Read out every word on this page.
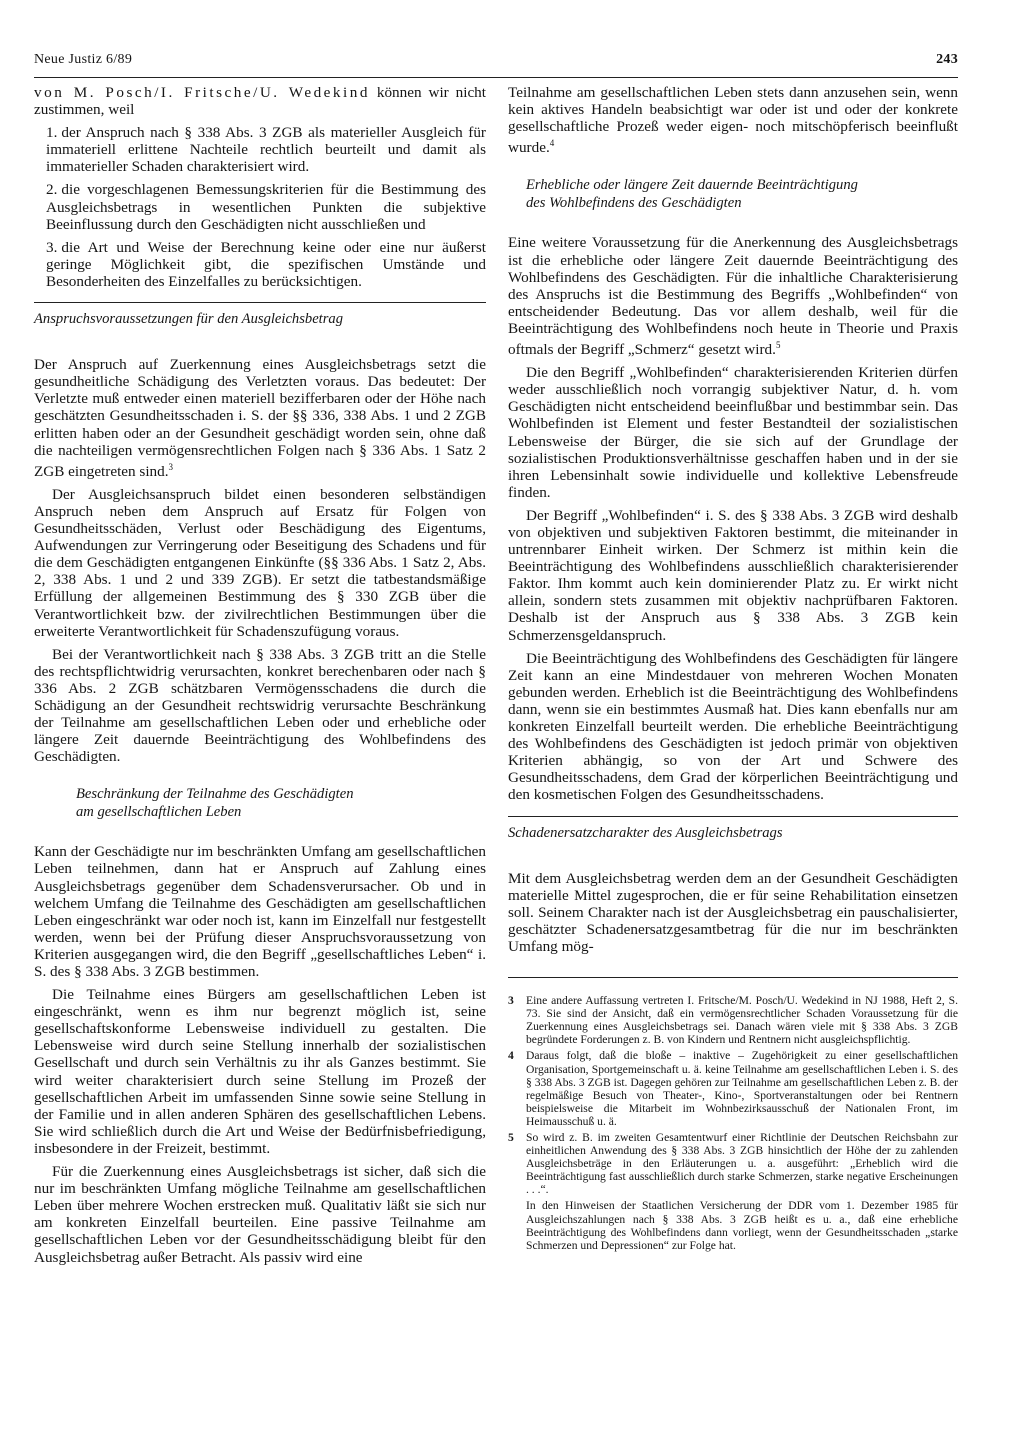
Neue Justiz 6/89	243

von M. Posch/I. Fritsche/U. Wedekind können wir nicht zustimmen, weil

1. der Anspruch nach § 338 Abs. 3 ZGB als materieller Ausgleich für immateriell erlittene Nachteile rechtlich beurteilt und damit als immaterieller Schaden charakterisiert wird.

2. die vorgeschlagenen Bemessungskriterien für die Bestimmung des Ausgleichsbetrags in wesentlichen Punkten die subjektive Beeinflussung durch den Geschädigten nicht ausschließen und

3. die Art und Weise der Berechnung keine oder eine nur äußerst geringe Möglichkeit gibt, die spezifischen Umstände und Besonderheiten des Einzelfalles zu berücksichtigen.

Anspruchsvoraussetzungen für den Ausgleichsbetrag

Der Anspruch auf Zuerkennung eines Ausgleichsbetrags setzt die gesundheitliche Schädigung des Verletzten voraus. Das bedeutet: Der Verletzte muß entweder einen materiell bezifferbaren oder der Höhe nach geschätzten Gesundheitsschaden i. S. der §§ 336, 338 Abs. 1 und 2 ZGB erlitten haben oder an der Gesundheit geschädigt worden sein, ohne daß die nachteiligen vermögensrechtlichen Folgen nach § 336 Abs. 1 Satz 2 ZGB eingetreten sind.$^3$

Der Ausgleichsanspruch bildet einen besonderen selbständigen Anspruch neben dem Anspruch auf Ersatz für Folgen von Gesundheitsschäden, Verlust oder Beschädigung des Eigentums, Aufwendungen zur Verringerung oder Beseitigung des Schadens und für die dem Geschädigten entgangenen Einkünfte (§§ 336 Abs. 1 Satz 2, Abs. 2, 338 Abs. 1 und 2 und 339 ZGB). Er setzt die tatbestandsmäßige Erfüllung der allgemeinen Bestimmung des § 330 ZGB über die Verantwortlichkeit bzw. der zivilrechtlichen Bestimmungen über die erweiterte Verantwortlichkeit für Schadenszufügung voraus.

Bei der Verantwortlichkeit nach § 338 Abs. 3 ZGB tritt an die Stelle des rechtspflichtwidrig verursachten, konkret berechenbaren oder nach § 336 Abs. 2 ZGB schätzbaren Vermögensschadens die durch die Schädigung an der Gesundheit rechtswidrig verursachte Beschränkung der Teilnahme am gesellschaftlichen Leben oder und erhebliche oder längere Zeit dauernde Beeinträchtigung des Wohlbefindens des Geschädigten.

Beschränkung der Teilnahme des Geschädigten
am gesellschaftlichen Leben

Kann der Geschädigte nur im beschränkten Umfang am gesellschaftlichen Leben teilnehmen, dann hat er Anspruch auf Zahlung eines Ausgleichsbetrags gegenüber dem Schadensverursacher. Ob und in welchem Umfang die Teilnahme des Geschädigten am gesellschaftlichen Leben eingeschränkt war oder noch ist, kann im Einzelfall nur festgestellt werden, wenn bei der Prüfung dieser Anspruchsvoraussetzung von Kriterien ausgegangen wird, die den Begriff „gesellschaftliches Leben“ i. S. des § 338 Abs. 3 ZGB bestimmen.

Die Teilnahme eines Bürgers am gesellschaftlichen Leben ist eingeschränkt, wenn es ihm nur begrenzt möglich ist, seine gesellschaftskonforme Lebensweise individuell zu gestalten. Die Lebensweise wird durch seine Stellung innerhalb der sozialistischen Gesellschaft und durch sein Verhältnis zu ihr als Ganzes bestimmt. Sie wird weiter charakterisiert durch seine Stellung im Prozeß der gesellschaftlichen Arbeit im umfassenden Sinne sowie seine Stellung in der Familie und in allen anderen Sphären des gesellschaftlichen Lebens. Sie wird schließlich durch die Art und Weise der Bedürfnisbefriedigung, insbesondere in der Freizeit, bestimmt.

Für die Zuerkennung eines Ausgleichsbetrags ist sicher, daß sich die nur im beschränkten Umfang mögliche Teilnahme am gesellschaftlichen Leben über mehrere Wochen erstrecken muß. Qualitativ läßt sie sich nur am konkreten Einzelfall beurteilen. Eine passive Teilnahme am gesellschaftlichen Leben vor der Gesundheitsschädigung bleibt für den Ausgleichsbetrag außer Betracht. Als passiv wird eine

Teilnahme am gesellschaftlichen Leben stets dann anzusehen sein, wenn kein aktives Handeln beabsichtigt war oder ist und oder der konkrete gesellschaftliche Prozeß weder eigen- noch mitschöpferisch beeinflußt wurde.$^4$

Erhebliche oder längere Zeit dauernde Beeinträchtigung
des Wohlbefindens des Geschädigten

Eine weitere Voraussetzung für die Anerkennung des Ausgleichsbetrags ist die erhebliche oder längere Zeit dauernde Beeinträchtigung des Wohlbefindens des Geschädigten. Für die inhaltliche Charakterisierung des Anspruchs ist die Bestimmung des Begriffs „Wohlbefinden“ von entscheidender Bedeutung. Das vor allem deshalb, weil für die Beeinträchtigung des Wohlbefindens noch heute in Theorie und Praxis oftmals der Begriff „Schmerz“ gesetzt wird.$^5$

Die den Begriff „Wohlbefinden“ charakterisierenden Kriterien dürfen weder ausschließlich noch vorrangig subjektiver Natur, d. h. vom Geschädigten nicht entscheidend beeinflußbar und bestimmbar sein. Das Wohlbefinden ist Element und fester Bestandteil der sozialistischen Lebensweise der Bürger, die sie sich auf der Grundlage der sozialistischen Produktionsverhältnisse geschaffen haben und in der sie ihren Lebensinhalt sowie individuelle und kollektive Lebensfreude finden.

Der Begriff „Wohlbefinden“ i. S. des § 338 Abs. 3 ZGB wird deshalb von objektiven und subjektiven Faktoren bestimmt, die miteinander in untrennbarer Einheit wirken. Der Schmerz ist mithin kein die Beeinträchtigung des Wohlbefindens ausschließlich charakterisierender Faktor. Ihm kommt auch kein dominierender Platz zu. Er wirkt nicht allein, sondern stets zusammen mit objektiv nachprüfbaren Faktoren. Deshalb ist der Anspruch aus § 338 Abs. 3 ZGB kein Schmerzensgeldanspruch.

Die Beeinträchtigung des Wohlbefindens des Geschädigten für längere Zeit kann an eine Mindestdauer von mehreren Wochen Monaten gebunden werden. Erheblich ist die Beeinträchtigung des Wohlbefindens dann, wenn sie ein bestimmtes Ausmaß hat. Dies kann ebenfalls nur am konkreten Einzelfall beurteilt werden. Die erhebliche Beeinträchtigung des Wohlbefindens des Geschädigten ist jedoch primär von objektiven Kriterien abhängig, so von der Art und Schwere des Gesundheitsschadens, dem Grad der körperlichen Beeinträchtigung und den kosmetischen Folgen des Gesundheitsschadens.

Schadenersatzcharakter des Ausgleichsbetrags

Mit dem Ausgleichsbetrag werden dem an der Gesundheit Geschädigten materielle Mittel zugesprochen, die er für seine Rehabilitation einsetzen soll. Seinem Charakter nach ist der Ausgleichsbetrag ein pauschalisierter, geschätzter Schadenersatzgesamtbetrag für die nur im beschränkten Umfang mög-

3	Eine andere Auffassung vertreten I. Fritsche/M. Posch/U. Wedekind in NJ 1988, Heft 2, S. 73. Sie sind der Ansicht, daß ein vermögensrechtlicher Schaden Voraussetzung für die Zuerkennung eines Ausgleichsbetrags sei. Danach wären viele mit § 338 Abs. 3 ZGB begründete Forderungen z. B. von Kindern und Rentnern nicht ausgleichspflichtig.
4	Daraus folgt, daß die bloße – inaktive – Zugehörigkeit zu einer gesellschaftlichen Organisation, Sportgemeinschaft u. ä. keine Teilnahme am gesellschaftlichen Leben i. S. des § 338 Abs. 3 ZGB ist. Dagegen gehören zur Teilnahme am gesellschaftlichen Leben z. B. der regelmäßige Besuch von Theater-, Kino-, Sportveranstaltungen oder bei Rentnern beispielsweise die Mitarbeit im Wohnbezirksausschuß der Nationalen Front, im Heimausschuß u. ä.
5	So wird z. B. im zweiten Gesamtentwurf einer Richtlinie der Deutschen Reichsbahn zur einheitlichen Anwendung des § 338 Abs. 3 ZGB hinsichtlich der Höhe der zu zahlenden Ausgleichsbeträge in den Erläuterungen u. a. ausgeführt: „Erheblich wird die Beeinträchtigung fast ausschließlich durch starke Schmerzen, starke negative Erscheinungen . . .“.
In den Hinweisen der Staatlichen Versicherung der DDR vom 1. Dezember 1985 für Ausgleichszahlungen nach § 338 Abs. 3 ZGB heißt es u. a., daß eine erhebliche Beeinträchtigung des Wohlbefindens dann vorliegt, wenn der Gesundheitsschaden „starke Schmerzen und Depressionen“ zur Folge hat.
